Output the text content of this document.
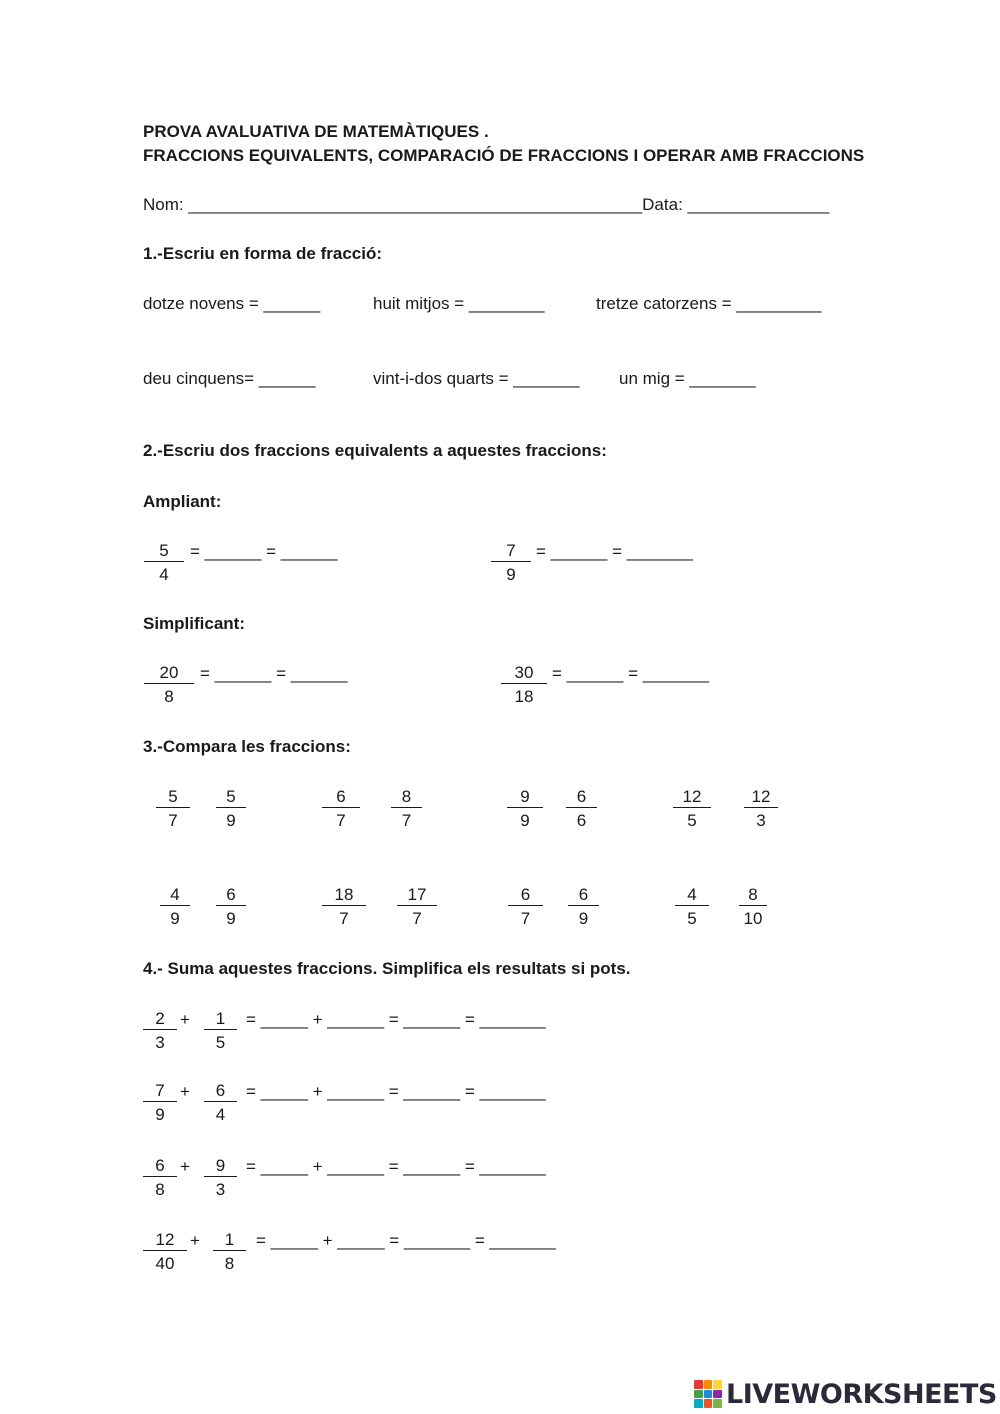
PROVA AVALUATIVA DE MATEMÀTIQUES .
FRACCIONS EQUIVALENTS, COMPARACIÓ DE FRACCIONS I OPERAR AMB FRACCIONS
Nom: ________________________________________________Data: _______________
1.-Escriu en forma de fracció:
dotze novens = ______	huit mitjos = ________	tretze catorzens = _________
deu cinquens= ______	vint-i-dos quarts = _______ un mig = _______
2.-Escriu dos fraccions equivalents a aquestes fraccions:
Ampliant:
$\frac{5}{4}$ = ______ = ______	$\frac{7}{9}$ = ______ = _______
Simplificant:
$\frac{20}{8}$ = ______ = ______	$\frac{30}{18}$ = ______ = _______
3.-Compara les fraccions:
$\frac{5}{7} \frac{5}{9}$	$\frac{6}{7} \frac{8}{7}$	$\frac{9}{9} \frac{6}{6}$	$\frac{12}{5} \frac{12}{3}$
$\frac{4}{9} \frac{6}{9}$	$\frac{18}{7} \frac{17}{7}$	$\frac{6}{7} \frac{6}{9}$	$\frac{4}{5} \frac{8}{10}$
4.- Suma aquestes fraccions. Simplifica els resultats si pots.
$\frac{2}{3} + \frac{1}{5}$ = _____ + ______ = ______ = _______
$\frac{7}{9} + \frac{6}{4}$ = _____ + ______ = ______ = _______
$\frac{6}{8} + \frac{9}{3}$ = _____ + ______ = ______ = _______
$\frac{12}{40} + \frac{1}{8}$ = _____ + _____ = _______ = _______
LIVEWORKSHEETS
